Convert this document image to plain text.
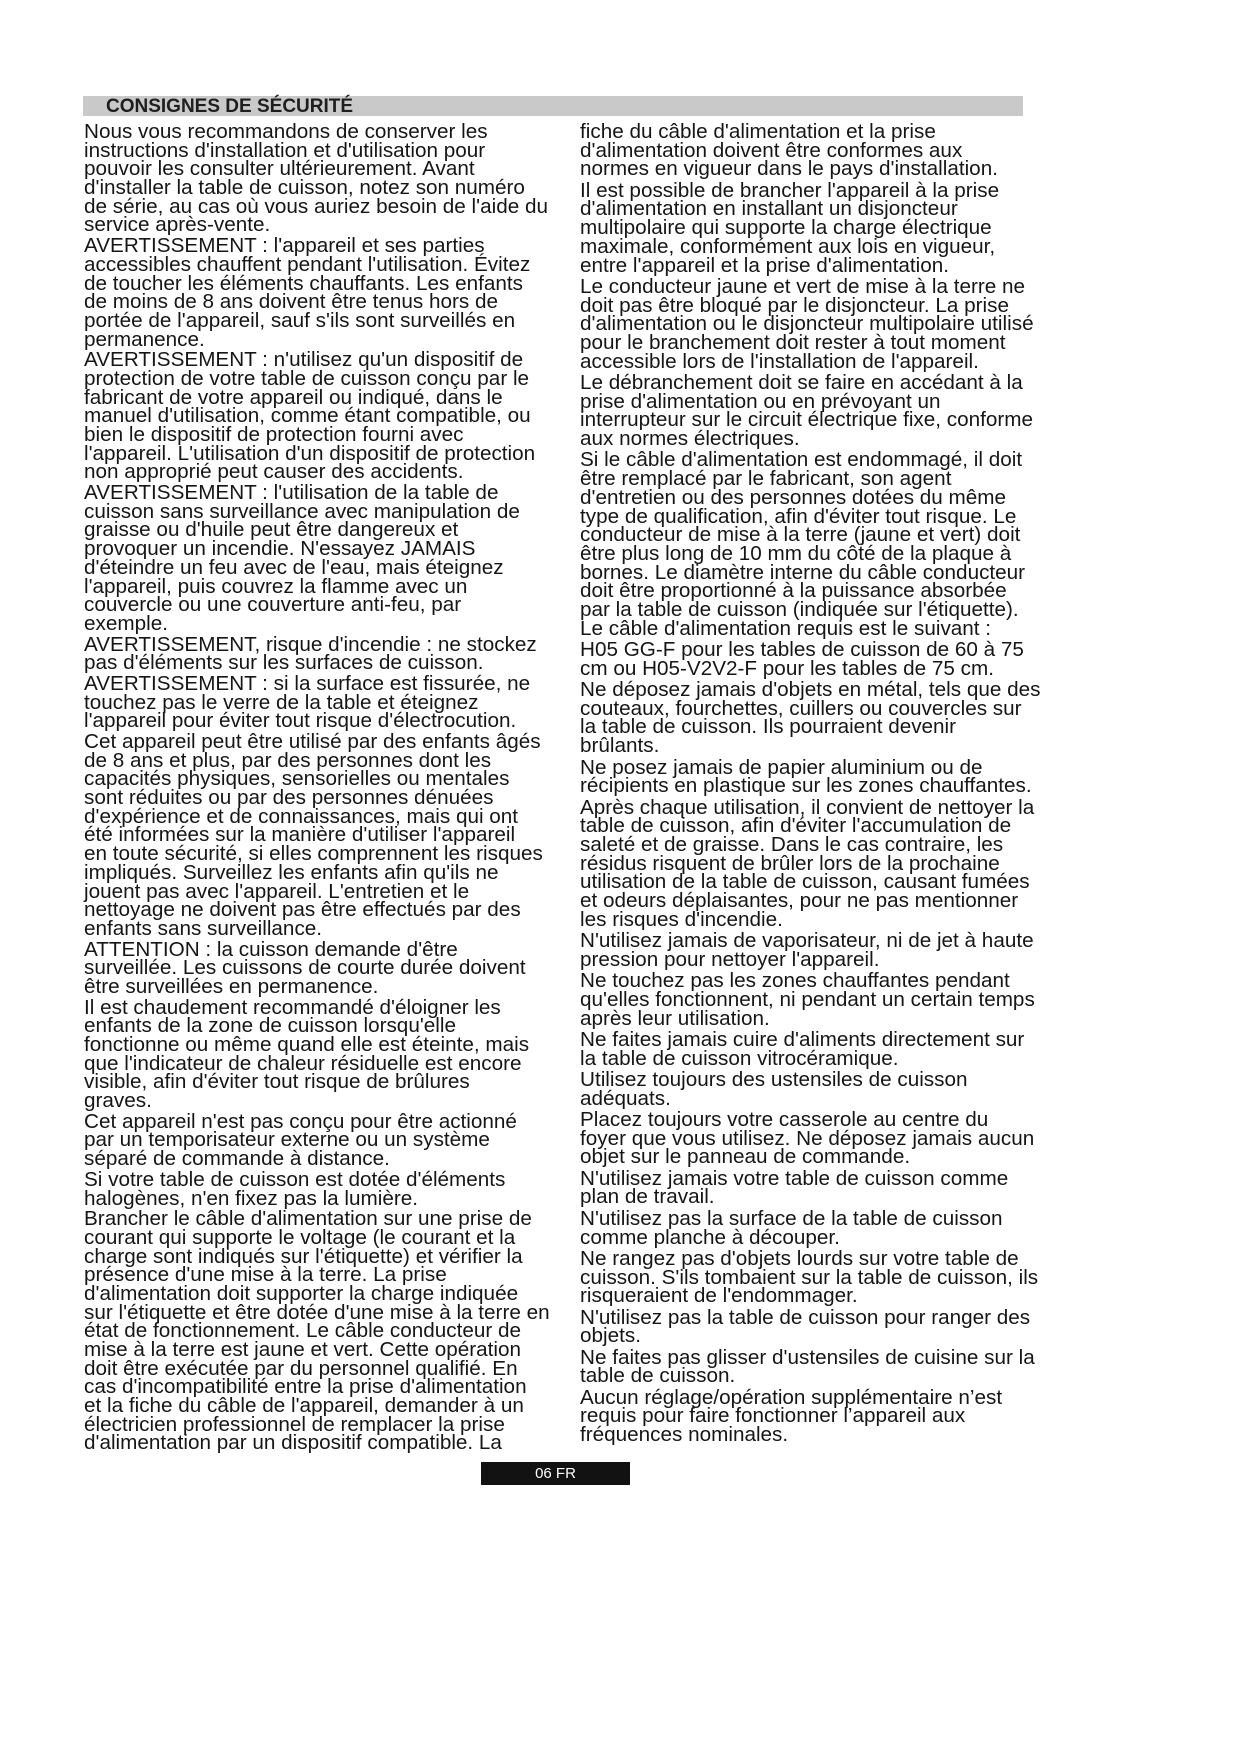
CONSIGNES DE SÉCURITÉ

Nous vous recommandons de conserver les
instructions d'installation et d'utilisation pour
pouvoir les consulter ultérieurement. Avant
d'installer la table de cuisson, notez son numéro
de série, au cas où vous auriez besoin de l'aide du
service après-vente.

AVERTISSEMENT : l'appareil et ses parties
accessibles chauffent pendant l'utilisation. Évitez
de toucher les éléments chauffants. Les enfants
de moins de 8 ans doivent être tenus hors de
portée de l'appareil, sauf s'ils sont surveillés en
permanence.

AVERTISSEMENT : n'utilisez qu'un dispositif de
protection de votre table de cuisson conçu par le
fabricant de votre appareil ou indiqué, dans le
manuel d'utilisation, comme étant compatible, ou
bien le dispositif de protection fourni avec
l'appareil. L'utilisation d'un dispositif de protection
non approprié peut causer des accidents.

AVERTISSEMENT : l'utilisation de la table de
cuisson sans surveillance avec manipulation de
graisse ou d'huile peut être dangereux et
provoquer un incendie. N'essayez JAMAIS
d'éteindre un feu avec de l'eau, mais éteignez
l'appareil, puis couvrez la flamme avec un
couvercle ou une couverture anti-feu, par
exemple.

AVERTISSEMENT, risque d'incendie : ne stockez
pas d'éléments sur les surfaces de cuisson.

AVERTISSEMENT : si la surface est fissurée, ne
touchez pas le verre de la table et éteignez
l'appareil pour éviter tout risque d'électrocution.

Cet appareil peut être utilisé par des enfants âgés
de 8 ans et plus, par des personnes dont les
capacités physiques, sensorielles ou mentales
sont réduites ou par des personnes dénuées
d'expérience et de connaissances, mais qui ont
été informées sur la manière d'utiliser l'appareil
en toute sécurité, si elles comprennent les risques
impliqués. Surveillez les enfants afin qu'ils ne
jouent pas avec l'appareil. L'entretien et le
nettoyage ne doivent pas être effectués par des
enfants sans surveillance.

ATTENTION : la cuisson demande d'être
surveillée. Les cuissons de courte durée doivent
être surveillées en permanence.

Il est chaudement recommandé d'éloigner les
enfants de la zone de cuisson lorsqu'elle
fonctionne ou même quand elle est éteinte, mais
que l'indicateur de chaleur résiduelle est encore
visible, afin d'éviter tout risque de brûlures
graves.

Cet appareil n'est pas conçu pour être actionné
par un temporisateur externe ou un système
séparé de commande à distance.

Si votre table de cuisson est dotée d'éléments
halogènes, n'en fixez pas la lumière.

Brancher le câble d'alimentation sur une prise de
courant qui supporte le voltage (le courant et la
charge sont indiqués sur l'étiquette) et vérifier la
présence d'une mise à la terre. La prise
d'alimentation doit supporter la charge indiquée
sur l'étiquette et être dotée d'une mise à la terre en
état de fonctionnement. Le câble conducteur de
mise à la terre est jaune et vert. Cette opération
doit être exécutée par du personnel qualifié. En
cas d'incompatibilité entre la prise d'alimentation
et la fiche du câble de l'appareil, demander à un
électricien professionnel de remplacer la prise
d'alimentation par un dispositif compatible. La

fiche du câble d'alimentation et la prise
d'alimentation doivent être conformes aux
normes en vigueur dans le pays d'installation.

Il est possible de brancher l'appareil à la prise
d'alimentation en installant un disjoncteur
multipolaire qui supporte la charge électrique
maximale, conformément aux lois en vigueur,
entre l'appareil et la prise d'alimentation.

Le conducteur jaune et vert de mise à la terre ne
doit pas être bloqué par le disjoncteur. La prise
d'alimentation ou le disjoncteur multipolaire utilisé
pour le branchement doit rester à tout moment
accessible lors de l'installation de l'appareil.

Le débranchement doit se faire en accédant à la
prise d'alimentation ou en prévoyant un
interrupteur sur le circuit électrique fixe, conforme
aux normes électriques.

Si le câble d'alimentation est endommagé, il doit
être remplacé par le fabricant, son agent
d'entretien ou des personnes dotées du même
type de qualification, afin d'éviter tout risque. Le
conducteur de mise à la terre (jaune et vert) doit
être plus long de 10 mm du côté de la plaque à
bornes. Le diamètre interne du câble conducteur
doit être proportionné à la puissance absorbée
par la table de cuisson (indiquée sur l'étiquette).
Le câble d'alimentation requis est le suivant :

H05 GG-F pour les tables de cuisson de 60 à 75
cm ou H05-V2V2-F pour les tables de 75 cm.

Ne déposez jamais d'objets en métal, tels que des
couteaux, fourchettes, cuillers ou couvercles sur
la table de cuisson. Ils pourraient devenir
brûlants.

Ne posez jamais de papier aluminium ou de
récipients en plastique sur les zones chauffantes.

Après chaque utilisation, il convient de nettoyer la
table de cuisson, afin d'éviter l'accumulation de
saleté et de graisse. Dans le cas contraire, les
résidus risquent de brûler lors de la prochaine
utilisation de la table de cuisson, causant fumées
et odeurs déplaisantes, pour ne pas mentionner
les risques d'incendie.

N'utilisez jamais de vaporisateur, ni de jet à haute
pression pour nettoyer l'appareil.

Ne touchez pas les zones chauffantes pendant
qu'elles fonctionnent, ni pendant un certain temps
après leur utilisation.

Ne faites jamais cuire d'aliments directement sur
la table de cuisson vitrocéramique.

Utilisez toujours des ustensiles de cuisson
adéquats.

Placez toujours votre casserole au centre du
foyer que vous utilisez. Ne déposez jamais aucun
objet sur le panneau de commande.

N'utilisez jamais votre table de cuisson comme
plan de travail.

N'utilisez pas la surface de la table de cuisson
comme planche à découper.

Ne rangez pas d'objets lourds sur votre table de
cuisson. S'ils tombaient sur la table de cuisson, ils
risqueraient de l'endommager.

N'utilisez pas la table de cuisson pour ranger des
objets.

Ne faites pas glisser d'ustensiles de cuisine sur la
table de cuisson.

Aucun réglage/opération supplémentaire n’est
requis pour faire fonctionner l’appareil aux
fréquences nominales.

06 FR
